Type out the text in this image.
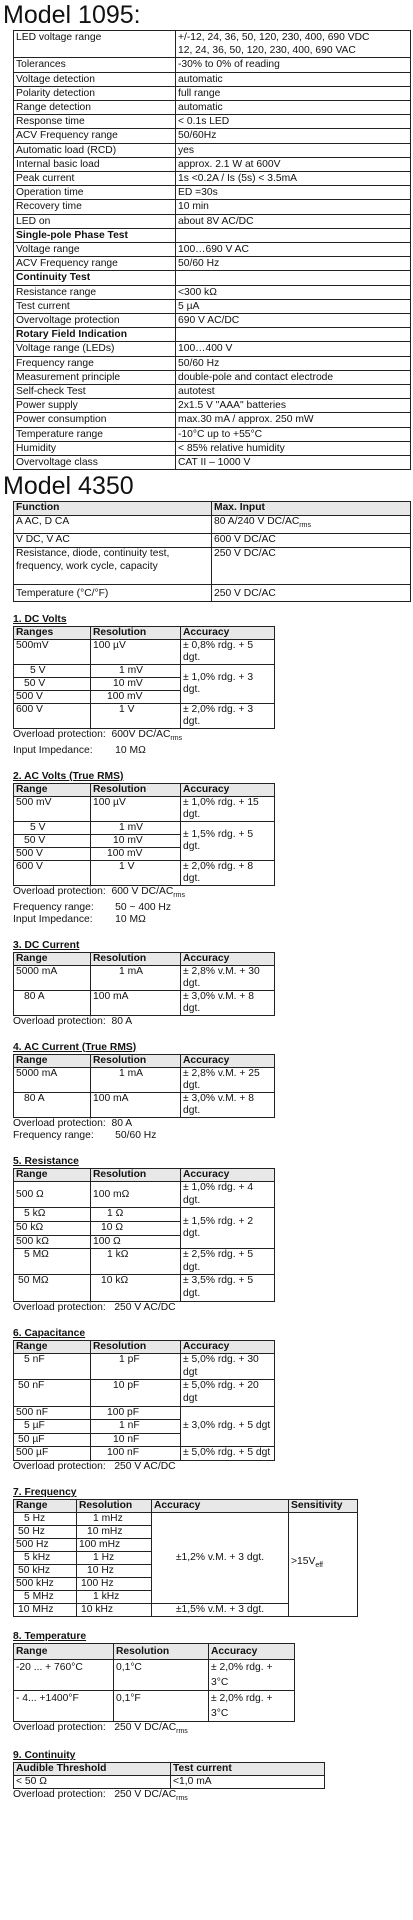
Model 1095:
LED voltage range	+/-12, 24, 36, 50, 120, 230, 400, 690 VDC
12, 24, 36, 50, 120, 230, 400, 690 VAC
Tolerances	-30% to 0% of reading
Voltage detection	automatic
Polarity detection	full range
Range detection	automatic
Response time	< 0.1s LED
ACV Frequency range	50/60Hz
Automatic load (RCD)	yes
Internal basic load	approx. 2.1 W at 600V
Peak current	1s <0.2A / Is (5s) < 3.5mA
Operation time	ED =30s
Recovery time	10 min
LED on	about 8V AC/DC
Single-pole Phase Test	
Voltage range	100…690 V AC
ACV Frequency range	50/60 Hz
Continuity Test	
Resistance range	<300 kΩ
Test current	5 µA
Overvoltage protection	690 V AC/DC
Rotary Field Indication	
Voltage range (LEDs)	100…400 V
Frequency range	50/60 Hz
Measurement principle	double-pole and contact electrode
Self-check Test	autotest
Power supply	2x1.5 V "AAA" batteries
Power consumption	max.30 mA / approx. 250 mW
Temperature range	-10°C up to +55°C
Humidity	< 85% relative humidity
Overvoltage class	CAT II – 1000 V
Model 4350
Function	Max. Input
A AC, D CA	80 A/240 V $DC/AC_{rms}$
V DC, V AC	600 V DC/AC
Resistance, diode, continuity test, frequency, work cycle, capacity	250 V DC/AC
Temperature (°C/°F)	250 V DC/AC
1. DC Volts
Ranges	Resolution	Accuracy
500mV	100 µV	± 0,8% rdg. + 5 dgt.
5 V	1 mV	± 1,0% rdg. + 3 dgt.
50 V	10 mV	
500 V	100 mV	
600 V	1 V	± 2,0% rdg. + 3 dgt.
Overload protection: 600V $DC/AC_{rms}$
Input Impedance: 10 MΩ
2. AC Volts (True RMS)
Range	Resolution	Accuracy
500 mV	100 µV	± 1,0% rdg. + 15 dgt.
5 V	1 mV	± 1,5% rdg. + 5 dgt.
50 V	10 mV	
500 V	100 mV	
600 V	1 V	± 2,0% rdg. + 8 dgt.
Overload protection: 600 V $DC/AC_{rms}$
Frequency range: 50 ~ 400 Hz
Input Impedance: 10 MΩ
3. DC Current
Range	Resolution	Accuracy
5000 mA	1 mA	± 2,8% v.M. + 30 dgt.
80 A	100 mA	± 3,0% v.M. + 8 dgt.
Overload protection: 80 A
4. AC Current (True RMS)
Range	Resolution	Accuracy
5000 mA	1 mA	± 2,8% v.M. + 25 dgt.
80 A	100 mA	± 3,0% v.M. + 8 dgt.
Overload protection: 80 A
Frequency range: 50/60 Hz
5. Resistance
Range	Resolution	Accuracy
500 Ω	100 mΩ	± 1,0% rdg. + 4 dgt.
5 kΩ	1 Ω	± 1,5% rdg. + 2 dgt.
50 kΩ	10 Ω	
500 kΩ	100 Ω	
5 MΩ	1 kΩ	± 2,5% rdg. + 5 dgt.
50 MΩ	10 kΩ	± 3,5% rdg. + 5 dgt.
Overload protection: 250 V AC/DC
6. Capacitance
Range	Resolution	Accuracy
5 nF	1 pF	± 5,0% rdg. + 30 dgt
50 nF	10 pF	± 5,0% rdg. + 20 dgt
500 nF	100 pF	± 3,0% rdg. + 5 dgt
5 µF	1 nF	
50 µF	10 nF	
500 µF	100 nF	± 5,0% rdg. + 5 dgt
Overload protection: 250 V AC/DC
7. Frequency
Range	Resolution	Accuracy	Sensitivity
5 Hz	1 mHz	±1,2% v.M. + 3 dgt.	$>15V_{eff}$
50 Hz	10 mHz		
500 Hz	100 mHz		
5 kHz	1 Hz		
50 kHz	10 Hz		
500 kHz	100 Hz		
5 MHz	1 kHz		
10 MHz	10 kHz	±1,5% v.M. + 3 dgt.	
8. Temperature
Range	Resolution	Accuracy
-20 ... + 760°C	0,1°C	± 2,0% rdg. + 3°C
- 4... +1400°F	0,1°F	± 2,0% rdg. + 3°C
Overload protection: 250 V $DC/AC_{rms}$
9. Continuity
Audible Threshold	Test current
< 50 Ω	<1,0 mA
Overload protection: 250 V $DC/AC_{rms}$
